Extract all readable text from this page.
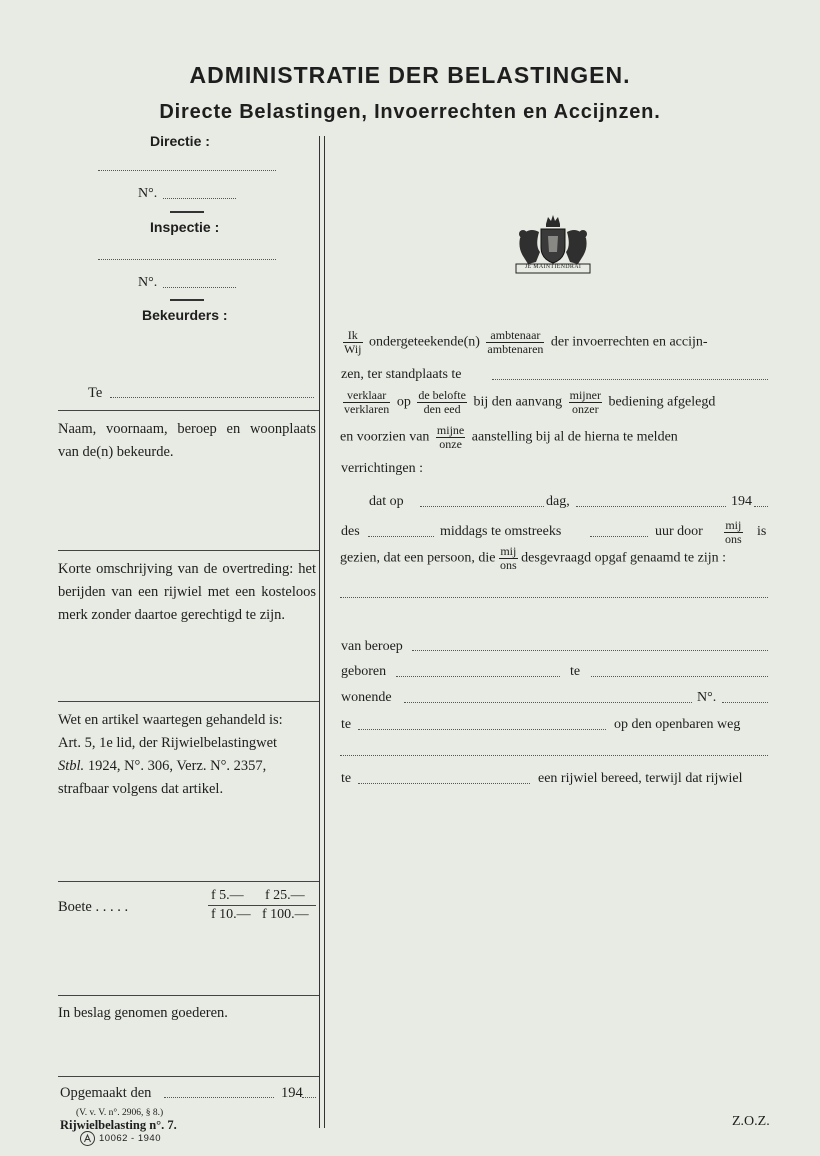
ADMINISTRATIE DER BELASTINGEN.
Directe Belastingen, Invoerrechten en Accijnzen.
Directie :
N°.
Inspectie :
N°.
Bekeurders :
Te
Naam, voornaam, beroep en woonplaats van de(n) bekeurde.
Korte omschrijving van de overtreding: het berijden van een rijwiel met een kosteloos merk zonder daartoe gerechtigd te zijn.
Wet en artikel waartegen gehandeld is:
Art. 5, 1e lid, der Rijwielbelastingwet
Stbl. 1924, N°. 306, Verz. N°. 2357,
strafbaar volgens dat artikel.
Boete . . . . .
f 5.— f 25.—
f 10.— f 100.—
In beslag genomen goederen.
Opgemaakt den	194
(V. v. V. n°. 2906, § 8.)
Rijwielbelasting n°. 7.
10062 - 1940
JE MAINTIENDRAI
$\frac{Ik}{\text{Wij}}$ ondergeteekende(n) $\frac{\text{ambtenaar}}{\text{ambtenaren}}$ der invoerrechten en accijn-
zen, ter standplaats te
$\frac{\text{verklaar}}{\text{verklaren}}$ op $\frac{\text{de belofte}}{\text{den eed}}$ bij den aanvang $\frac{\text{mijner}}{\text{onzer}}$ bediening afgelegd
en voorzien van $\frac{\text{mijne}}{\text{onze}}$ aanstelling bij al de hierna te melden
verrichtingen :
dat op	dag,	194
des	middags te omstreeks	uur door $\frac{\text{mij}}{\text{ons}}$ is
gezien, dat een persoon, die $\frac{\text{mij}}{\text{ons}}$ desgevraagd opgaf genaamd te zijn :
van beroep
geboren	te
wonende	N°.
te	op den openbaren weg
te	een rijwiel bereed, terwijl dat rijwiel
Z.O.Z.
